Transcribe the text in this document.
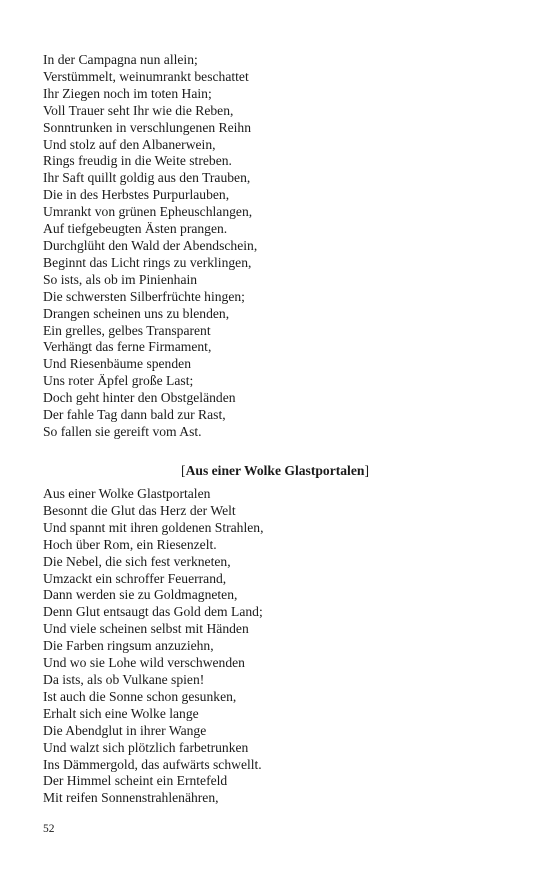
In der Campagna nun allein;
Verstümmelt, weinumrankt beschattet
Ihr Ziegen noch im toten Hain;
Voll Trauer seht Ihr wie die Reben,
Sonntrunken in verschlungenen Reihn
Und stolz auf den Albanerwein,
Rings freudig in die Weite streben.
Ihr Saft quillt goldig aus den Trauben,
Die in des Herbstes Purpurlauben,
Umrankt von grünen Epheuschlangen,
Auf tiefgebeugten Ästen prangen.
Durchglüht den Wald der Abendschein,
Beginnt das Licht rings zu verklingen,
So ists, als ob im Pinienhain
Die schwersten Silberfrüchte hingen;
Drangen scheinen uns zu blenden,
Ein grelles, gelbes Transparent
Verhängt das ferne Firmament,
Und Riesenbäume spenden
Uns roter Äpfel große Last;
Doch geht hinter den Obstgeländen
Der fahle Tag dann bald zur Rast,
So fallen sie gereift vom Ast.
[Aus einer Wolke Glastportalen]
Aus einer Wolke Glastportalen
Besonnt die Glut das Herz der Welt
Und spannt mit ihren goldenen Strahlen,
Hoch über Rom, ein Riesenzelt.
Die Nebel, die sich fest verkneten,
Umzackt ein schroffer Feuerrand,
Dann werden sie zu Goldmagneten,
Denn Glut entsaugt das Gold dem Land;
Und viele scheinen selbst mit Händen
Die Farben ringsum anzuziehn,
Und wo sie Lohe wild verschwenden
Da ists, als ob Vulkane spien!
Ist auch die Sonne schon gesunken,
Erhalt sich eine Wolke lange
Die Abendglut in ihrer Wange
Und walzt sich plötzlich farbetrunken
Ins Dämmergold, das aufwärts schwellt.
Der Himmel scheint ein Erntefeld
Mit reifen Sonnenstrahlenähren,
52
